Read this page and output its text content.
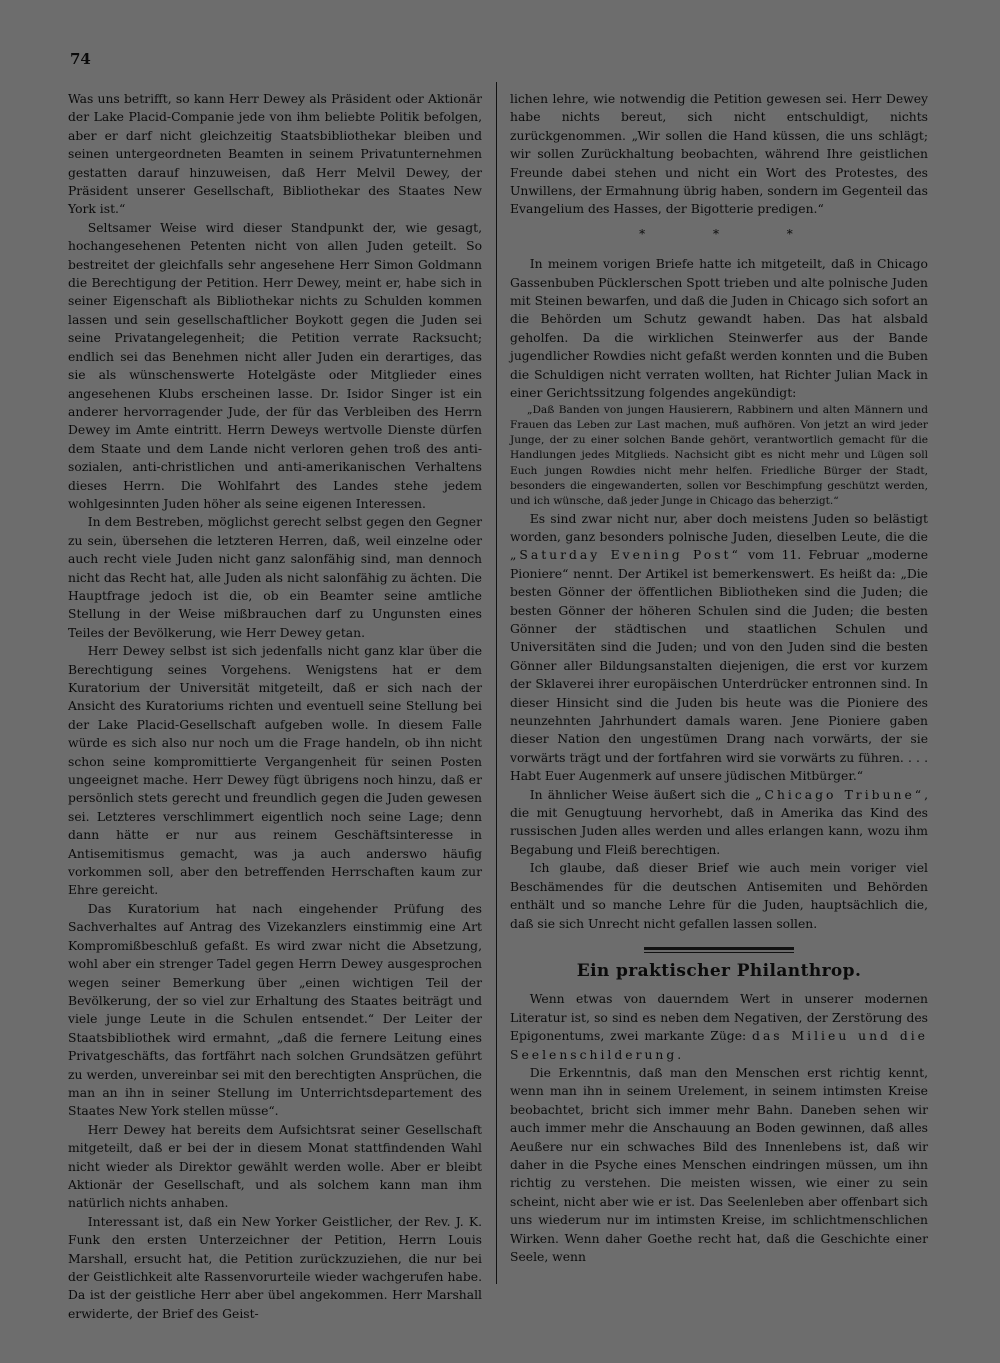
74

Was uns betrifft, so kann Herr Dewey als Präsident oder Aktionär der Lake Placid-Companie jede von ihm beliebte Politik befolgen, aber er darf nicht gleichzeitig Staatsbibliothekar bleiben und seinen untergeordneten Beamten in seinem Privatunternehmen gestatten darauf hinzuweisen, daß Herr Melvil Dewey, der Präsident unserer Gesellschaft, Bibliothekar des Staates New York ist.“

Seltsamer Weise wird dieser Standpunkt der, wie gesagt, hochangesehenen Petenten nicht von allen Juden geteilt. So bestreitet der gleichfalls sehr angesehene Herr Simon Goldmann die Berechtigung der Petition. Herr Dewey, meint er, habe sich in seiner Eigenschaft als Bibliothekar nichts zu Schulden kommen lassen und sein gesellschaftlicher Boykott gegen die Juden sei seine Privatangelegenheit; die Petition verrate Racksucht; endlich sei das Benehmen nicht aller Juden ein derartiges, das sie als wünschenswerte Hotelgäste oder Mitglieder eines angesehenen Klubs erscheinen lasse. Dr. Isidor Singer ist ein anderer hervorragender Jude, der für das Verbleiben des Herrn Dewey im Amte eintritt. Herrn Deweys wertvolle Dienste dürfen dem Staate und dem Lande nicht verloren gehen troß des anti-sozialen, anti-christlichen und anti-amerikanischen Verhaltens dieses Herrn. Die Wohlfahrt des Landes stehe jedem wohlgesinnten Juden höher als seine eigenen Interessen.

In dem Bestreben, möglichst gerecht selbst gegen den Gegner zu sein, übersehen die letzteren Herren, daß, weil einzelne oder auch recht viele Juden nicht ganz salonfähig sind, man dennoch nicht das Recht hat, alle Juden als nicht salonfähig zu ächten. Die Hauptfrage jedoch ist die, ob ein Beamter seine amtliche Stellung in der Weise mißbrauchen darf zu Ungunsten eines Teiles der Bevölkerung, wie Herr Dewey getan.

Herr Dewey selbst ist sich jedenfalls nicht ganz klar über die Berechtigung seines Vorgehens. Wenigstens hat er dem Kuratorium der Universität mitgeteilt, daß er sich nach der Ansicht des Kuratoriums richten und eventuell seine Stellung bei der Lake Placid-Gesellschaft aufgeben wolle. In diesem Falle würde es sich also nur noch um die Frage handeln, ob ihn nicht schon seine kompromittierte Vergangenheit für seinen Posten ungeeignet mache. Herr Dewey fügt übrigens noch hinzu, daß er persönlich stets gerecht und freundlich gegen die Juden gewesen sei. Letzteres verschlimmert eigentlich noch seine Lage; denn dann hätte er nur aus reinem Geschäftsinteresse in Antisemitismus gemacht, was ja auch anderswo häufig vorkommen soll, aber den betreffenden Herrschaften kaum zur Ehre gereicht.

Das Kuratorium hat nach eingehender Prüfung des Sachverhaltes auf Antrag des Vizekanzlers einstimmig eine Art Kompromißbeschluß gefaßt. Es wird zwar nicht die Absetzung, wohl aber ein strenger Tadel gegen Herrn Dewey ausgesprochen wegen seiner Bemerkung über „einen wichtigen Teil der Bevölkerung, der so viel zur Erhaltung des Staates beiträgt und viele junge Leute in die Schulen entsendet.“ Der Leiter der Staatsbibliothek wird ermahnt, „daß die fernere Leitung eines Privatgeschäfts, das fortfährt nach solchen Grundsätzen geführt zu werden, unvereinbar sei mit den berechtigten Ansprüchen, die man an ihn in seiner Stellung im Unterrichtsdepartement des Staates New York stellen müsse“.

Herr Dewey hat bereits dem Aufsichtsrat seiner Gesellschaft mitgeteilt, daß er bei der in diesem Monat stattfindenden Wahl nicht wieder als Direktor gewählt werden wolle. Aber er bleibt Aktionär der Gesellschaft, und als solchem kann man ihm natürlich nichts anhaben.

Interessant ist, daß ein New Yorker Geistlicher, der Rev. J. K. Funk den ersten Unterzeichner der Petition, Herrn Louis Marshall, ersucht hat, die Petition zurückzuziehen, die nur bei der Geistlichkeit alte Rassenvorurteile wieder wachgerufen habe. Da ist der geistliche Herr aber übel angekommen. Herr Marshall erwiderte, der Brief des Geist-

lichen lehre, wie notwendig die Petition gewesen sei. Herr Dewey habe nichts bereut, sich nicht entschuldigt, nichts zurückgenommen. „Wir sollen die Hand küssen, die uns schlägt; wir sollen Zurückhaltung beobachten, während Ihre geistlichen Freunde dabei stehen und nicht ein Wort des Protestes, des Unwillens, der Ermahnung übrig haben, sondern im Gegenteil das Evangelium des Hasses, der Bigotterie predigen.“

* * *

In meinem vorigen Briefe hatte ich mitgeteilt, daß in Chicago Gassenbuben Pücklerschen Spott trieben und alte polnische Juden mit Steinen bewarfen, und daß die Juden in Chicago sich sofort an die Behörden um Schutz gewandt haben. Das hat alsbald geholfen. Da die wirklichen Steinwerfer aus der Bande jugendlicher Rowdies nicht gefaßt werden konnten und die Buben die Schuldigen nicht verraten wollten, hat Richter Julian Mack in einer Gerichtssitzung folgendes angekündigt:

„Daß Banden von jungen Hausierern, Rabbinern und alten Männern und Frauen das Leben zur Last machen, muß aufhören. Von jetzt an wird jeder Junge, der zu einer solchen Bande gehört, verantwortlich gemacht für die Handlungen jedes Mitglieds. Nachsicht gibt es nicht mehr und Lügen soll Euch jungen Rowdies nicht mehr helfen. Friedliche Bürger der Stadt, besonders die eingewanderten, sollen vor Beschimpfung geschützt werden, und ich wünsche, daß jeder Junge in Chicago das beherzigt.“

Es sind zwar nicht nur, aber doch meistens Juden so belästigt worden, ganz besonders polnische Juden, dieselben Leute, die die „Saturday Evening Post“ vom 11. Februar „moderne Pioniere“ nennt. Der Artikel ist bemerkenswert. Es heißt da: „Die besten Gönner der öffentlichen Bibliotheken sind die Juden; die besten Gönner der höheren Schulen sind die Juden; die besten Gönner der städtischen und staatlichen Schulen und Universitäten sind die Juden; und von den Juden sind die besten Gönner aller Bildungsanstalten diejenigen, die erst vor kurzem der Sklaverei ihrer europäischen Unterdrücker entronnen sind. In dieser Hinsicht sind die Juden bis heute was die Pioniere des neunzehnten Jahrhundert damals waren. Jene Pioniere gaben dieser Nation den ungestümen Drang nach vorwärts, der sie vorwärts trägt und der fortfahren wird sie vorwärts zu führen. . . . Habt Euer Augenmerk auf unsere jüdischen Mitbürger.“

In ähnlicher Weise äußert sich die „Chicago Tribune“, die mit Genugtuung hervorhebt, daß in Amerika das Kind des russischen Juden alles werden und alles erlangen kann, wozu ihm Begabung und Fleiß berechtigen.

Ich glaube, daß dieser Brief wie auch mein voriger viel Beschämendes für die deutschen Antisemiten und Behörden enthält und so manche Lehre für die Juden, hauptsächlich die, daß sie sich Unrecht nicht gefallen lassen sollen.

Ein praktischer Philanthrop.

Wenn etwas von dauerndem Wert in unserer modernen Literatur ist, so sind es neben dem Negativen, der Zerstörung des Epigonentums, zwei markante Züge: das Milieu und die Seelenschilderung.

Die Erkenntnis, daß man den Menschen erst richtig kennt, wenn man ihn in seinem Urelement, in seinem intimsten Kreise beobachtet, bricht sich immer mehr Bahn. Daneben sehen wir auch immer mehr die Anschauung an Boden gewinnen, daß alles Aeußere nur ein schwaches Bild des Innenlebens ist, daß wir daher in die Psyche eines Menschen eindringen müssen, um ihn richtig zu verstehen. Die meisten wissen, wie einer zu sein scheint, nicht aber wie er ist. Das Seelenleben aber offenbart sich uns wiederum nur im intimsten Kreise, im schlichtmenschlichen Wirken. Wenn daher Goethe recht hat, daß die Geschichte einer Seele, wenn
